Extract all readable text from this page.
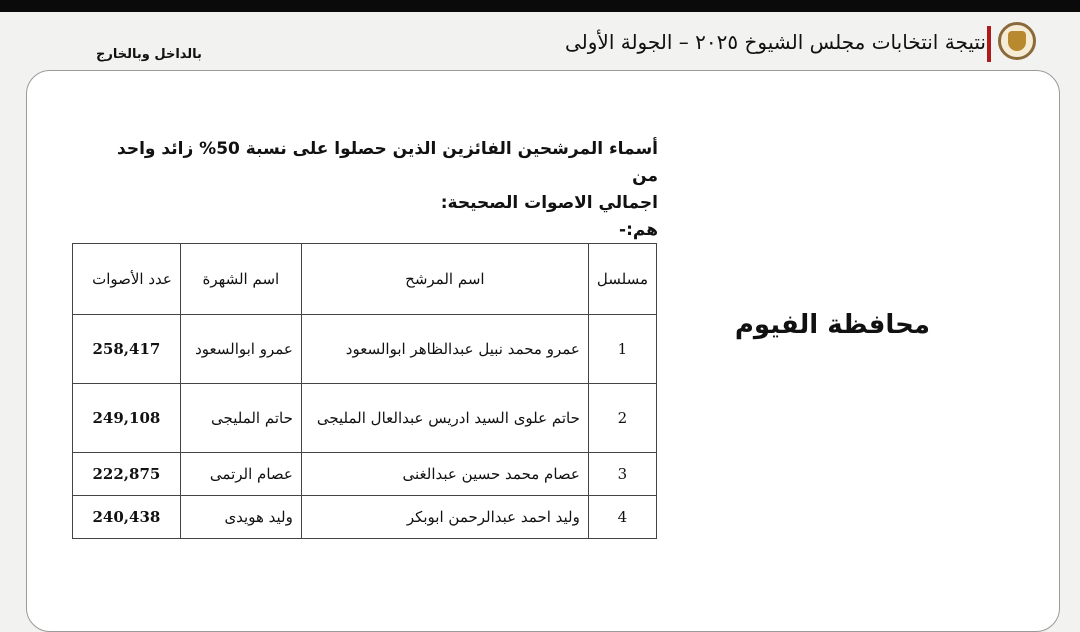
نتيجة انتخابات مجلس الشيوخ ٢٠٢٥ – الجولة الأولى
بالداخل وبالخارج
أسماء المرشحين الفائزين الذين حصلوا على نسبة 50% زائد واحد من
اجمالي الاصوات الصحيحة:
هم:-
محافظة الفيوم
مسلسل	اسم المرشح	اسم الشهرة	عدد الأصوات
1	عمرو محمد نبيل عبدالظاهر ابوالسعود	عمرو ابوالسعود	258,417
2	حاتم علوى السيد ادريس عبدالعال المليجى	حاتم المليجى	249,108
3	عصام محمد حسين عبدالغنى	عصام الرتمى	222,875
4	وليد احمد عبدالرحمن ابوبكر	وليد هويدى	240,438
